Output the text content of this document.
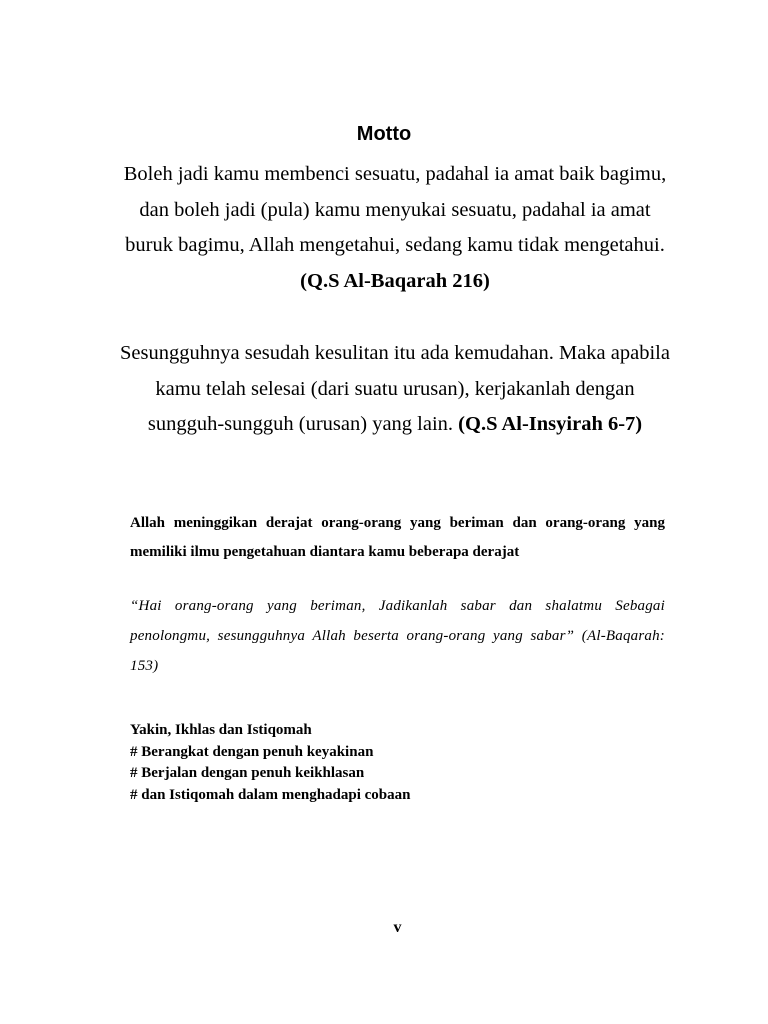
Motto
Boleh jadi kamu membenci sesuatu, padahal ia amat baik bagimu, dan boleh jadi (pula) kamu menyukai sesuatu, padahal ia amat buruk bagimu, Allah mengetahui, sedang kamu tidak mengetahui. (Q.S Al-Baqarah 216)
Sesungguhnya sesudah kesulitan itu ada kemudahan. Maka apabila kamu telah selesai (dari suatu urusan), kerjakanlah dengan sungguh-sungguh (urusan) yang lain. (Q.S Al-Insyirah 6-7)
Allah meninggikan derajat orang-orang yang beriman dan orang-orang yang memiliki ilmu pengetahuan diantara kamu beberapa derajat
“Hai orang-orang yang beriman, Jadikanlah sabar dan shalatmu Sebagai penolongmu, sesungguhnya Allah beserta orang-orang yang sabar” (Al-Baqarah: 153)
Yakin, Ikhlas dan Istiqomah
# Berangkat dengan penuh keyakinan
# Berjalan dengan penuh keikhlasan
# dan Istiqomah dalam menghadapi cobaan
v
